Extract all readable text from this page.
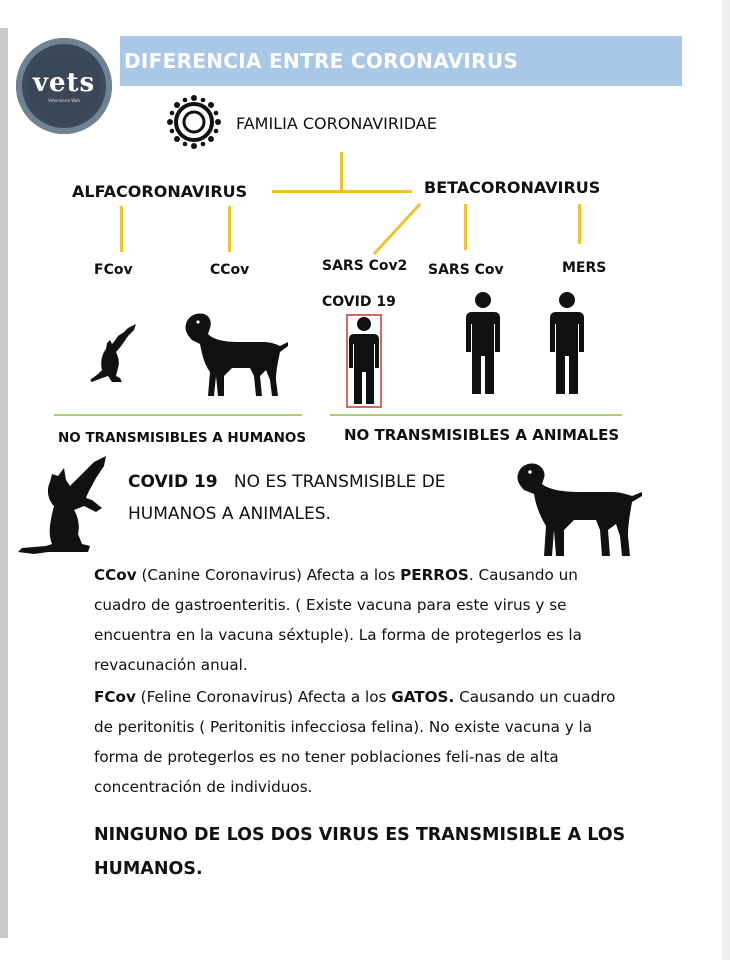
vets
Veterinaria Web
DIFERENCIA ENTRE CORONAVIRUS
FAMILIA CORONAVIRIDAE
ALFACORONAVIRUS	BETACORONAVIRUS
FCov	CCov	SARS Cov2 SARS Cov	MERS
COVID 19
NO TRANSMISIBLES A HUMANOS	NO TRANSMISIBLES A ANIMALES
COVID 19 NO ES TRANSMISIBLE DE HUMANOS A ANIMALES.
CCov (Canine Coronavirus) Afecta a los PERROS. Causando un cuadro de gastroenteritis. ( Existe vacuna para este virus y se encuentra en la vacuna séxtuple). La forma de protegerlos es la revacunación anual.
FCov (Feline Coronavirus) Afecta a los GATOS. Causando un cuadro de peritonitis ( Peritonitis infecciosa felina). No existe vacuna y la forma de protegerlos es no tener poblaciones feli-nas de alta concentración de individuos.
NINGUNO DE LOS DOS VIRUS ES TRANSMISIBLE A LOS HUMANOS.
